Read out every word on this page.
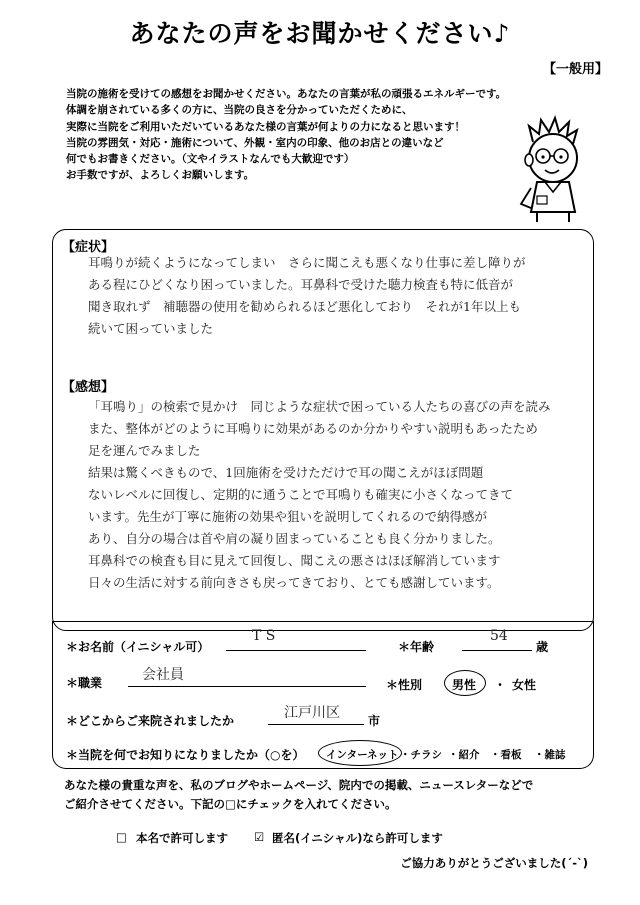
あなたの声をお聞かせください♪
【一般用】
当院の施術を受けての感想をお聞かせください。あなたの言葉が私の頑張るエネルギーです。
体調を崩されている多くの方に、当院の良さを分かっていただくために、
実際に当院をご利用いただいているあなた様の言葉が何よりの力になると思います！
当院の雰囲気・対応・施術について、外観・室内の印象、他のお店との違いなど
何でもお書きください。（文やイラストなんでも大歓迎です）
お手数ですが、よろしくお願いします。
【症状】
耳鳴りが続くようになってしまい　さらに聞こえも悪くなり仕事に差し障りが
ある程にひどくなり困っていました。耳鼻科で受けた聴力検査も特に低音が
聞き取れず　補聴器の使用を勧められるほど悪化しており　それが1年以上も
続いて困っていました
【感想】
「耳鳴り」の検索で見かけ　同じような症状で困っている人たちの喜びの声を読み
また、整体がどのように耳鳴りに効果があるのか分かりやすい説明もあったため
足を運んでみました
結果は驚くべきもので、1回施術を受けただけで耳の聞こえがほぼ問題
ないレベルに回復し、定期的に通うことで耳鳴りも確実に小さくなってきて
います。先生が丁寧に施術の効果や狙いを説明してくれるので納得感が
あり、自分の場合は首や肩の凝り固まっていることも良く分かりました。
耳鼻科での検査も目に見えて回復し、聞こえの悪さはほぼ解消しています
日々の生活に対する前向きさも戻ってきており、とても感謝しています。
＊お名前（イニシャル可）
T S
＊年齢
54
歳
＊職業	会社員
＊性別 男性 ・ 女性
＊どこからご来院されましたか	江戸川区 市
＊当院を何でお知りになりましたか（○を） インターネット ・チラシ ・紹介 ・看板 ・雑誌
あなた様の貴重な声を、私のブログやホームページ、院内での掲載、ニュースレターなどで
ご紹介させてください。下記の□にチェックを入れてください。
□ 本名で許可します ☑ 匿名(イニシャル)なら許可します
ご協力ありがとうございました(´-`)
